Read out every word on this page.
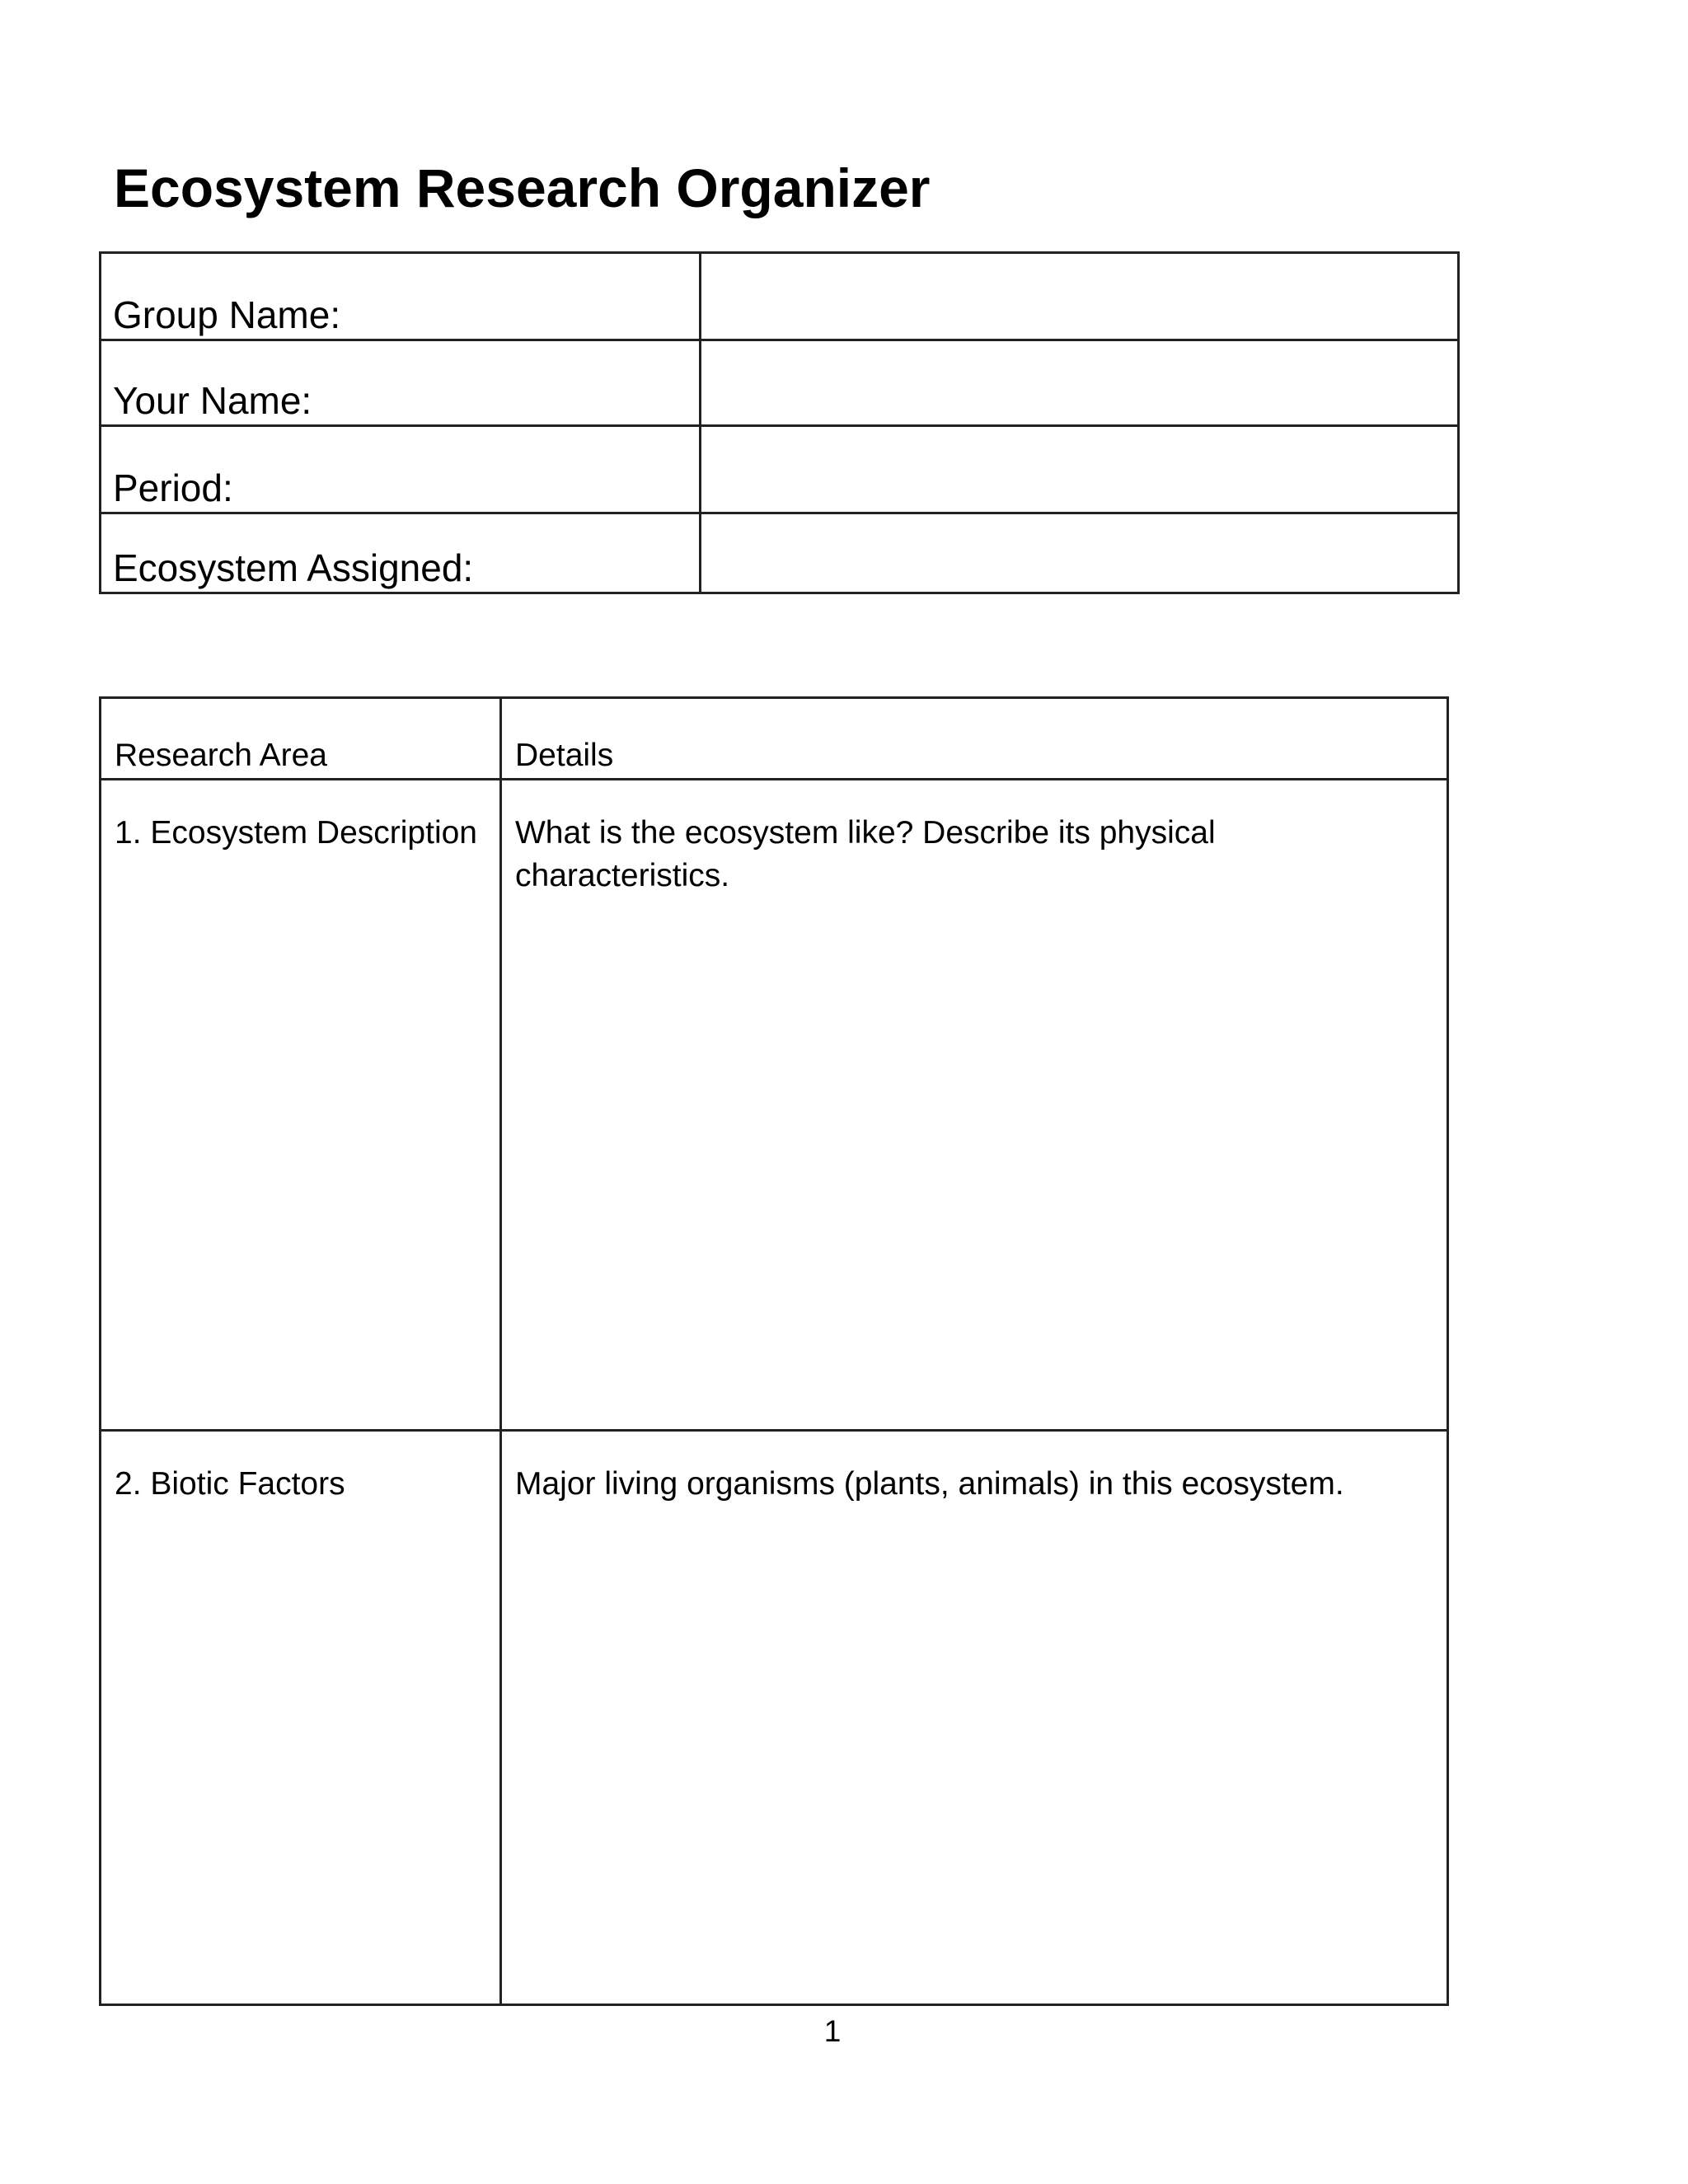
Ecosystem Research Organizer
Group Name:
Your Name:
Period:
Ecosystem Assigned:
Research Area	Details
1. Ecosystem Description What is the ecosystem like? Describe its physical characteristics.
2. Biotic Factors	Major living organisms (plants, animals) in this ecosystem.
1
